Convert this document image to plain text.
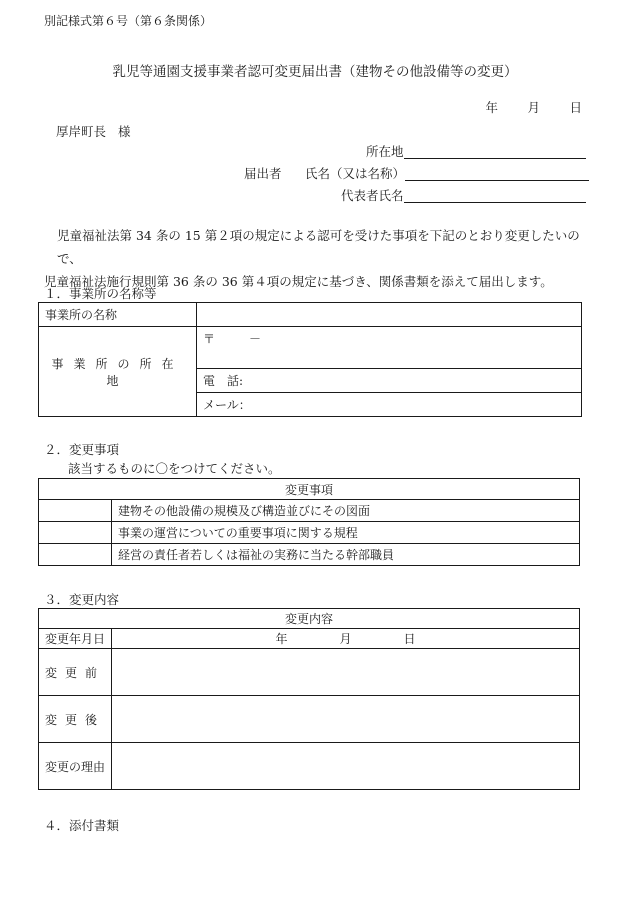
別記様式第６号（第６条関係）
乳児等通園支援事業者認可変更届出書（建物その他設備等の変更）
年 月 日
厚岸町長 様
所在地
届出者 氏名（又は名称）
代表者氏名
児童福祉法第 34 条の 15 第２項の規定による認可を受けた事項を下記のとおり変更したいので、
児童福祉法施行規則第 36 条の 36 第４項の規定に基づき、関係書類を添えて届出します。
１．事業所の名称等
事業所の名称	
事業所の所在地	〒 －
	電　話:
	メール：
２．変更事項
該当するものに〇をつけてください。
変更事項	
	建物その他設備の規模及び構造並びにその図面
	事業の運営についての重要事項に関する規程
	経営の責任者若しくは福祉の実務に当たる幹部職員
３．変更内容
変更内容	
変更年月日	年 月 日
変更前	
変更後	
変更の理由	
４．添付書類
